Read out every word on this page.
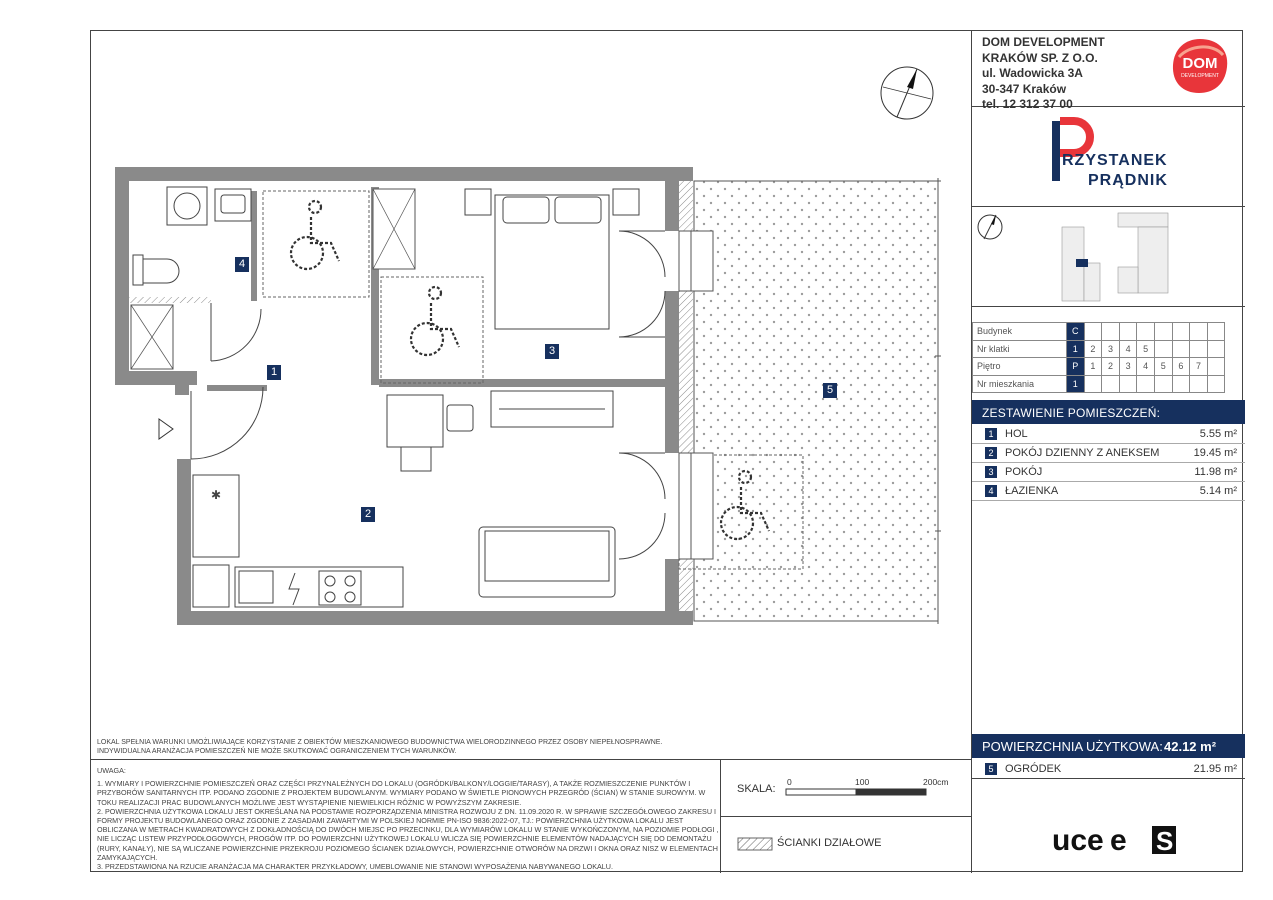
✱
4
1
2
3
5
LOKAL SPEŁNIA WARUNKI UMOŻLIWIAJĄCE KORZYSTANIE Z OBIEKTÓW MIESZKANIOWEGO BUDOWNICTWA WIELORODZINNEGO PRZEZ OSOBY NIEPEŁNOSPRAWNE. INDYWIDUALNA ARANŻACJA POMIESZCZEŃ NIE MOŻE SKUTKOWAĆ OGRANICZENIEM TYCH WARUNKÓW.
UWAGA:
1. WYMIARY I POWIERZCHNIE POMIESZCZEŃ ORAZ CZĘŚCI PRZYNALEŻNYCH DO LOKALU (OGRÓDKI/BALKONY/LOGGIE/TARASY), A TAKŻE ROZMIESZCZENIE PUNKTÓW I PRZYBORÓW SANITARNYCH ITP. PODANO ZGODNIE Z PROJEKTEM BUDOWLANYM. WYMIARY PODANO W ŚWIETLE PIONOWYCH PRZEGRÓD (ŚCIAN) W STANIE SUROWYM. W TOKU REALIZACJI PRAC BUDOWLANYCH MOŻLIWE JEST WYSTĄPIENIE NIEWIELKICH RÓŻNIC W POWYŻSZYM ZAKRESIE.
2. POWIERZCHNIA UŻYTKOWA LOKALU JEST OKREŚLANA NA PODSTAWIE ROZPORZĄDZENIA MINISTRA ROZWOJU Z DN. 11.09.2020 R. W SPRAWIE SZCZEGÓŁOWEGO ZAKRESU I FORMY PROJEKTU BUDOWLANEGO ORAZ ZGODNIE Z ZASADAMI ZAWARTYMI W POLSKIEJ NORMIE PN-ISO 9836:2022-07, TJ.: POWIERZCHNIA UŻYTKOWA LOKALU JEST OBLICZANA W METRACH KWADRATOWYCH Z DOKŁADNOŚCIĄ DO DWÓCH MIEJSC PO PRZECINKU, DLA WYMIARÓW LOKALU W STANIE WYKOŃCZONYM, NA POZIOMIE PODŁOGI , NIE LICZĄC LISTEW PRZYPODŁOGOWYCH, PROGÓW ITP. DO POWIERZCHNI UŻYTKOWEJ LOKALU WLICZA SIĘ POWIERZCHNIE ELEMENTÓW NADAJĄCYCH SIĘ DO DEMONTAŻU (RURY, KANAŁY), NIE SĄ WLICZANE POWIERZCHNIE PRZEKROJU POZIOMEGO ŚCIANEK DZIAŁOWYCH, POWIERZCHNIE OTWORÓW NA DRZWI I OKNA ORAZ NISZ W ELEMENTACH ZAMYKAJĄCYCH.
3. PRZEDSTAWIONA NA RZUCIE ARANŻACJA MA CHARAKTER PRZYKŁADOWY, UMEBLOWANIE NIE STANOWI WYPOSAŻENIA NABYWANEGO LOKALU.
SKALA:
0	100	200cm
ŚCIANKI DZIAŁOWE
DOM DEVELOPMENT
KRAKÓW SP. Z O.O.
ul. Wadowicka 3A
30-347 Kraków
tel. 12 312 37 00
DOM
DEVELOPMENT
RZYSTANEK
PRĄDNIK
Budynek	C								
Nr klatki	1	2	3	4	5				
Piętro	P	1	2	3	4	5	6	7	
Nr mieszkania	1								
ZESTAWIENIE POMIESZCZEŃ:
1	HOL	5.55 m²
2	POKÓJ DZIENNY Z ANEKSEM	19.45 m²
3	POKÓJ	11.98 m²
4	ŁAZIENKA	5.14 m²
POWIERZCHNIA UŻYTKOWA: 42.12 m²
5	OGRÓDEK	21.95 m²
uce e S
